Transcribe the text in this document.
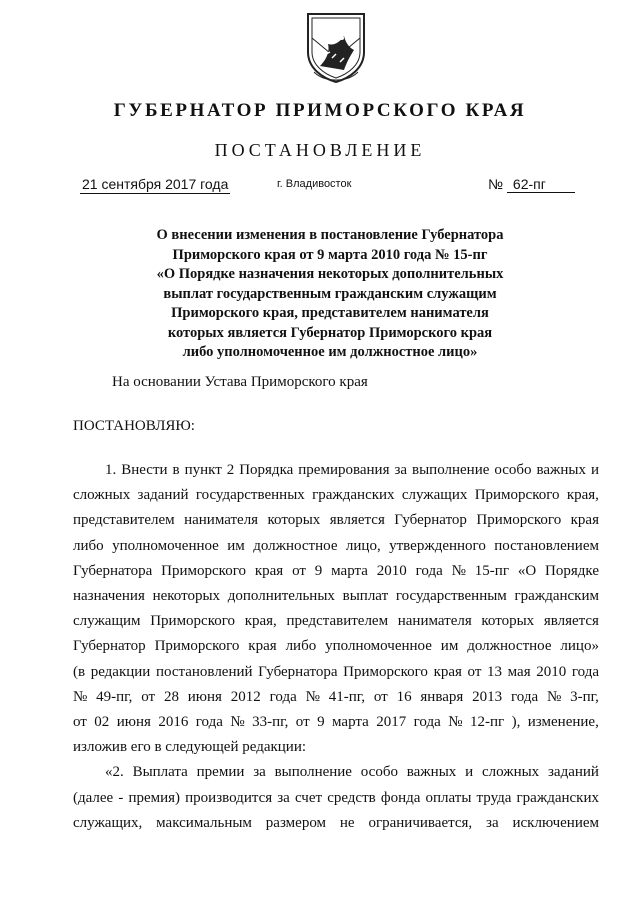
ГУБЕРНАТОР ПРИМОРСКОГО КРАЯ
ПОСТАНОВЛЕНИЕ
21 сентября 2017 года	г. Владивосток	№ 62-пг
О внесении изменения в постановление Губернатора
Приморского края от 9 марта 2010 года № 15-пг
«О Порядке назначения некоторых дополнительных
выплат государственным гражданским служащим
Приморского края, представителем нанимателя
которых является Губернатор Приморского края
либо уполномоченное им должностное лицо»
На основании Устава Приморского края
ПОСТАНОВЛЯЮ:
1. Внести в пункт 2 Порядка премирования за выполнение особо важных и
сложных заданий государственных гражданских служащих Приморского края,
представителем нанимателя которых является Губернатор Приморского края
либо уполномоченное им должностное лицо, утвержденного постановлением
Губернатора Приморского края от 9 марта 2010 года № 15-пг «О Порядке
назначения некоторых дополнительных выплат государственным гражданским
служащим Приморского края, представителем нанимателя которых является
Губернатор Приморского края либо уполномоченное им должностное лицо»
(в редакции постановлений Губернатора Приморского края от 13 мая 2010 года
№ 49-пг, от 28 июня 2012 года № 41-пг, от 16 января 2013 года № 3-пг,
от 02 июня 2016 года № 33-пг, от 9 марта 2017 года № 12-пг ), изменение,
изложив его в следующей редакции:
«2. Выплата премии за выполнение особо важных и сложных заданий
(далее - премия) производится за счет средств фонда оплаты труда гражданских
служащих, максимальным размером не ограничивается, за исключением
